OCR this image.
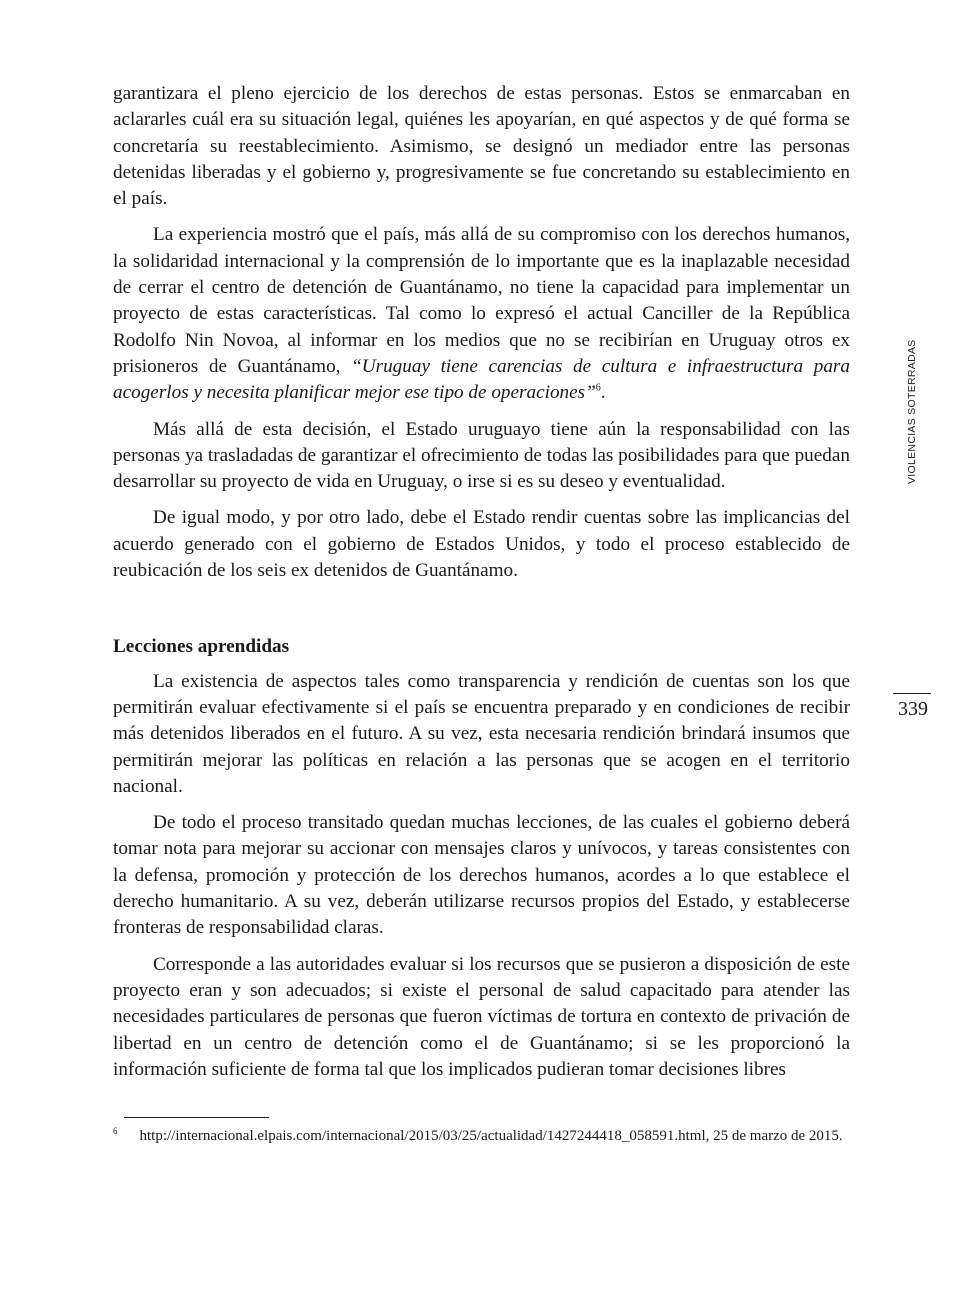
garantizara el pleno ejercicio de los derechos de estas personas. Estos se enmarcaban en aclararles cuál era su situación legal, quiénes les apoyarían, en qué aspectos y de qué forma se concretaría su reestablecimiento. Asimismo, se designó un mediador entre las personas detenidas liberadas y el gobierno y, progresivamente se fue concretando su establecimiento en el país.

La experiencia mostró que el país, más allá de su compromiso con los derechos humanos, la solidaridad internacional y la comprensión de lo importante que es la inaplazable necesidad de cerrar el centro de detención de Guantánamo, no tiene la capacidad para implementar un proyecto de estas características. Tal como lo expresó el actual Canciller de la República Rodolfo Nin Novoa, al informar en los medios que no se recibirían en Uruguay otros ex prisioneros de Guantánamo, “Uruguay tiene carencias de cultura e infraestructura para acogerlos y necesita planificar mejor ese tipo de operaciones”$^6$.

Más allá de esta decisión, el Estado uruguayo tiene aún la responsabilidad con las personas ya trasladadas de garantizar el ofrecimiento de todas las posibilidades para que puedan desarrollar su proyecto de vida en Uruguay, o irse si es su deseo y eventualidad.

De igual modo, y por otro lado, debe el Estado rendir cuentas sobre las implicancias del acuerdo generado con el gobierno de Estados Unidos, y todo el proceso establecido de reubicación de los seis ex detenidos de Guantánamo.

Lecciones aprendidas

La existencia de aspectos tales como transparencia y rendición de cuentas son los que permitirán evaluar efectivamente si el país se encuentra preparado y en condiciones de recibir más detenidos liberados en el futuro. A su vez, esta necesaria rendición brindará insumos que permitirán mejorar las políticas en relación a las personas que se acogen en el territorio nacional.

De todo el proceso transitado quedan muchas lecciones, de las cuales el gobierno deberá tomar nota para mejorar su accionar con mensajes claros y unívocos, y tareas consistentes con la defensa, promoción y protección de los derechos humanos, acordes a lo que establece el derecho humanitario. A su vez, deberán utilizarse recursos propios del Estado, y establecerse fronteras de responsabilidad claras.

Corresponde a las autoridades evaluar si los recursos que se pusieron a disposición de este proyecto eran y son adecuados; si existe el personal de salud capacitado para atender las necesidades particulares de personas que fueron víctimas de tortura en contexto de privación de libertad en un centro de detención como el de Guantánamo; si se les proporcionó la información suficiente de forma tal que los implicados pudieran tomar decisiones libres

VIOLENCIAS SOTERRADAS
339
$^6$ http://internacional.elpais.com/internacional/2015/03/25/actualidad/1427244418_058591.html, 25 de marzo de 2015.
